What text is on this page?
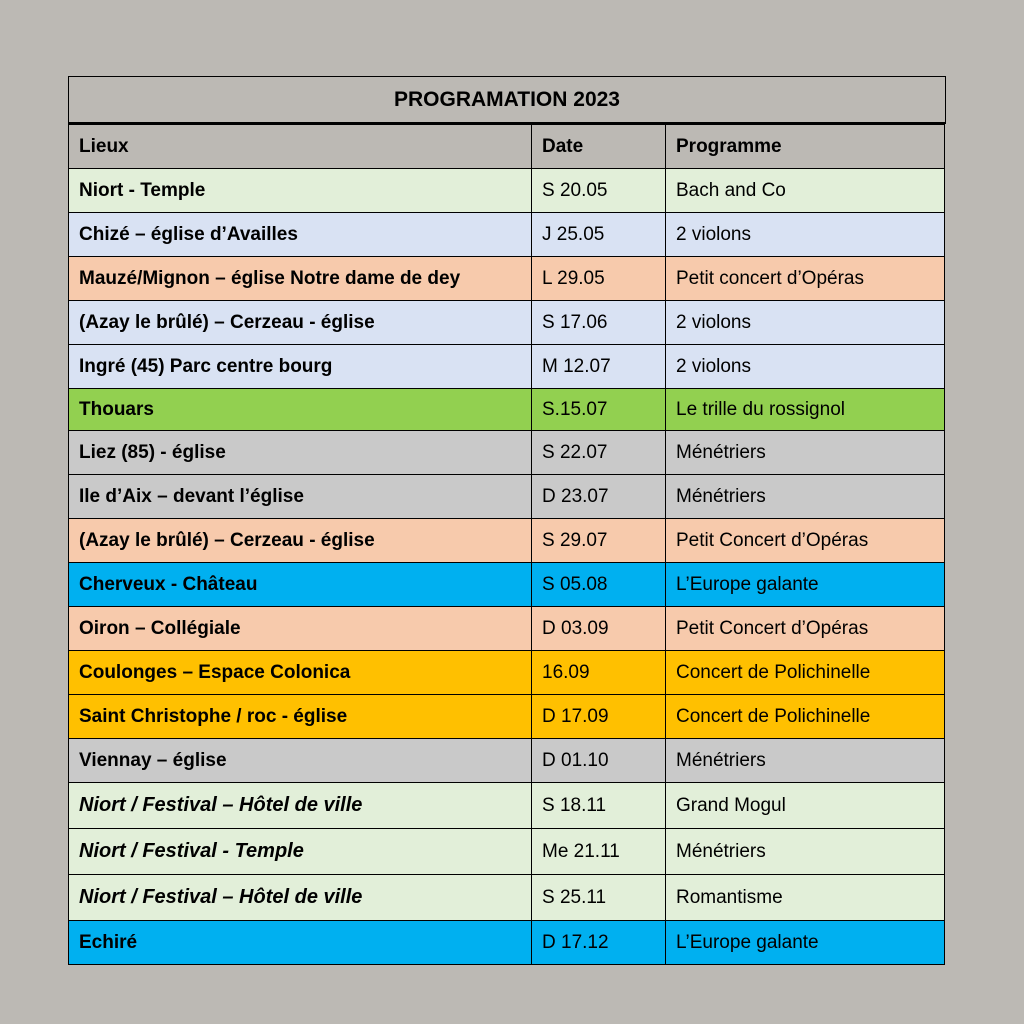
PROGRAMATION 2023
Lieux	Date	Programme
Niort - Temple	S 20.05	Bach and Co
Chizé – église d’Availles	J 25.05	2 violons
Mauzé/Mignon – église Notre dame de dey	L 29.05	Petit concert d’Opéras
(Azay le brûlé) – Cerzeau - église	S 17.06	2 violons
Ingré (45) Parc centre bourg	M 12.07	2 violons
Thouars	S.15.07	Le trille du rossignol
Liez (85) - église	S 22.07	Ménétriers
Ile d’Aix – devant l’église	D 23.07	Ménétriers
(Azay le brûlé) – Cerzeau - église	S 29.07	Petit Concert d’Opéras
Cherveux - Château	S 05.08	L’Europe galante
Oiron – Collégiale	D 03.09	Petit Concert d’Opéras
Coulonges – Espace Colonica	16.09	Concert de Polichinelle
Saint Christophe / roc - église	D 17.09	Concert de Polichinelle
Viennay – église	D 01.10	Ménétriers
Niort / Festival – Hôtel de ville	S 18.11	Grand Mogul
Niort / Festival - Temple	Me 21.11	Ménétriers
Niort / Festival – Hôtel de ville	S 25.11	Romantisme
Echiré	D 17.12	L’Europe galante
